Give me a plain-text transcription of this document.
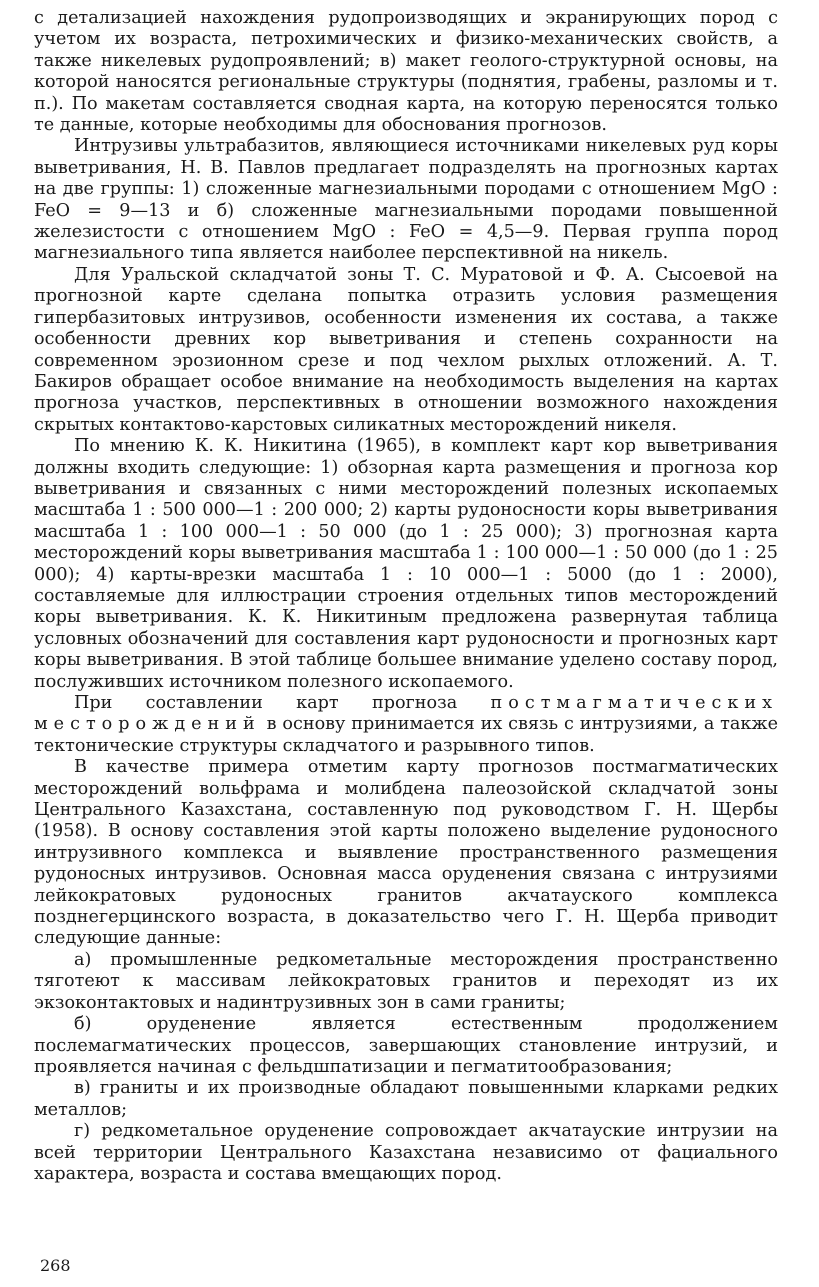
с детализацией нахождения рудопроизводящих и экранирующих пород с учетом их возраста, петрохимических и физико-механических свойств, а также никелевых рудопроявлений; в) макет геолого-структурной основы, на которой наносятся региональные структуры (поднятия, грабены, разломы и т. п.). По макетам составляется сводная карта, на которую переносятся только те данные, которые необходимы для обоснования прогнозов.

Интрузивы ультрабазитов, являющиеся источниками никелевых руд коры выветривания, Н. В. Павлов предлагает подразделять на прогнозных картах на две группы: 1) сложенные магнезиальными породами с отношением MgO : FeO = 9—13 и б) сложенные магнезиальными породами повышенной железистости с отношением MgO : FeO = 4,5—9. Первая группа пород магнезиального типа является наиболее перспективной на никель.

Для Уральской складчатой зоны Т. С. Муратовой и Ф. А. Сысоевой на прогнозной карте сделана попытка отразить условия размещения гипербазитовых интрузивов, особенности изменения их состава, а также особенности древних кор выветривания и степень сохранности на современном эрозионном срезе и под чехлом рыхлых отложений. А. Т. Бакиров обращает особое внимание на необходимость выделения на картах прогноза участков, перспективных в отношении возможного нахождения скрытых контактово-карстовых силикатных месторождений никеля.

По мнению К. К. Никитина (1965), в комплект карт кор выветривания должны входить следующие: 1) обзорная карта размещения и прогноза кор выветривания и связанных с ними месторождений полезных ископаемых масштаба 1 : 500 000—1 : 200 000; 2) карты рудоносности коры выветривания масштаба 1 : 100 000—1 : 50 000 (до 1 : 25 000); 3) прогнозная карта месторождений коры выветривания масштаба 1 : 100 000—1 : 50 000 (до 1 : 25 000); 4) карты-врезки масштаба 1 : 10 000—1 : 5000 (до 1 : 2000), составляемые для иллюстрации строения отдельных типов месторождений коры выветривания. К. К. Никитиным предложена развернутая таблица условных обозначений для составления карт рудоносности и прогнозных карт коры выветривания. В этой таблице большее внимание уделено составу пород, послуживших источником полезного ископаемого.

При составлении карт прогноза постмагматических месторождений в основу принимается их связь с интрузиями, а также тектонические структуры складчатого и разрывного типов.

В качестве примера отметим карту прогнозов постмагматических месторождений вольфрама и молибдена палеозойской складчатой зоны Центрального Казахстана, составленную под руководством Г. Н. Щербы (1958). В основу составления этой карты положено выделение рудоносного интрузивного комплекса и выявление пространственного размещения рудоносных интрузивов. Основная масса оруденения связана с интрузиями лейкократовых рудоносных гранитов акчатауского комплекса позднегерцинского возраста, в доказательство чего Г. Н. Щерба приводит следующие данные:

а) промышленные редкометальные месторождения пространственно тяготеют к массивам лейкократовых гранитов и переходят из их экзоконтактовых и надинтрузивных зон в сами граниты;

б) оруденение является естественным продолжением послемагматических процессов, завершающих становление интрузий, и проявляется начиная с фельдшпатизации и пегматитообразования;

в) граниты и их производные обладают повышенными кларками редких металлов;

г) редкометальное оруденение сопровождает акчатауские интрузии на всей территории Центрального Казахстана независимо от фациального характера, возраста и состава вмещающих пород.

268
